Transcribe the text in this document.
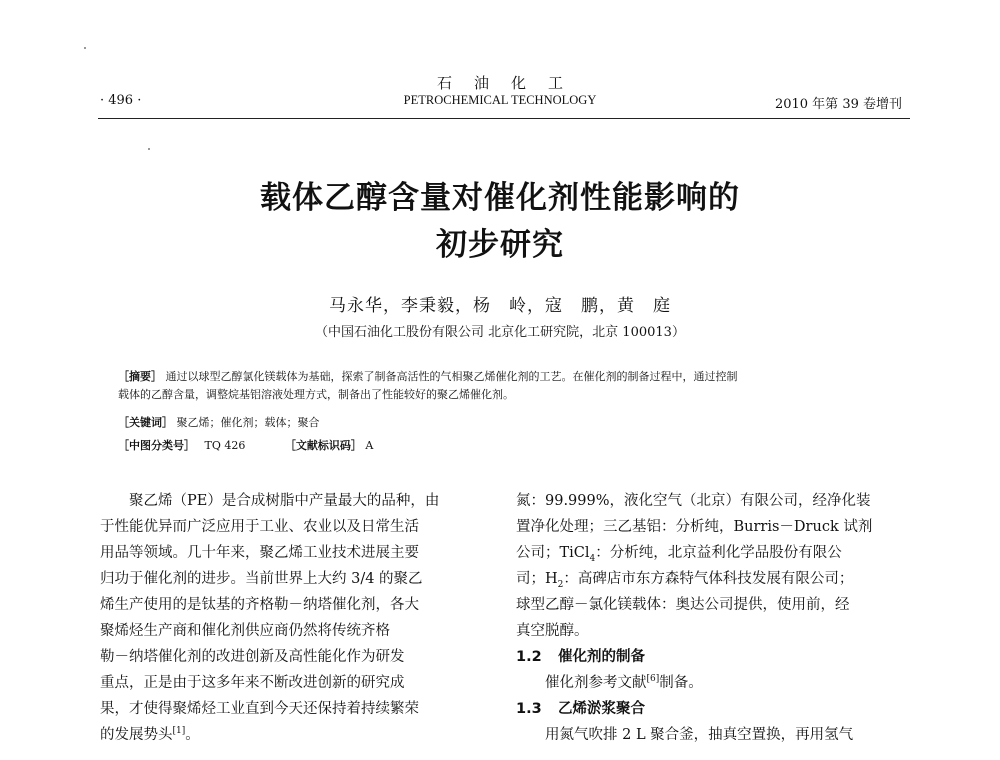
石油化工
· 496 ·	PETROCHEMICAL TECHNOLOGY	2010 年第 39 卷增刊
载体乙醇含量对催化剂性能影响的
初步研究
马永华，李秉毅，杨　岭，寇　鹏，黄　庭
（中国石油化工股份有限公司 北京化工研究院，北京 100013）
［摘要］ 通过以球型乙醇氯化镁载体为基础，探索了制备高活性的气相聚乙烯催化剂的工艺。在催化剂的制备过程中，通过控制
载体的乙醇含量，调整烷基铝溶液处理方式，制备出了性能较好的聚乙烯催化剂。
［关键词］ 聚乙烯；催化剂；载体；聚合
［中图分类号］ TQ 426	［文献标识码］ A
聚乙烯（PE）是合成树脂中产量最大的品种，由
于性能优异而广泛应用于工业、农业以及日常生活
用品等领域。几十年来，聚乙烯工业技术进展主要
归功于催化剂的进步。当前世界上大约 3/4 的聚乙
烯生产使用的是钛基的齐格勒－纳塔催化剂，各大
聚烯烃生产商和催化剂供应商仍然将传统齐格
勒－纳塔催化剂的改进创新及高性能化作为研发
重点，正是由于这多年来不断改进创新的研究成
果，才使得聚烯烃工业直到今天还保持着持续繁荣
的发展势头[1]。
氮：99.999%，液化空气（北京）有限公司，经净化装
置净化处理；三乙基铝：分析纯，Burris－Druck 试剂
公司；TiCl$_4$：分析纯，北京益利化学品股份有限公
司；$H_2$：高碑店市东方森特气体科技发展有限公司；
球型乙醇－氯化镁载体：奥达公司提供，使用前，经
真空脱醇。
1.2 催化剂的制备
催化剂参考文献[6]制备。
1.3 乙烯淤浆聚合
用氮气吹排 2 L 聚合釜，抽真空置换，再用氢气
